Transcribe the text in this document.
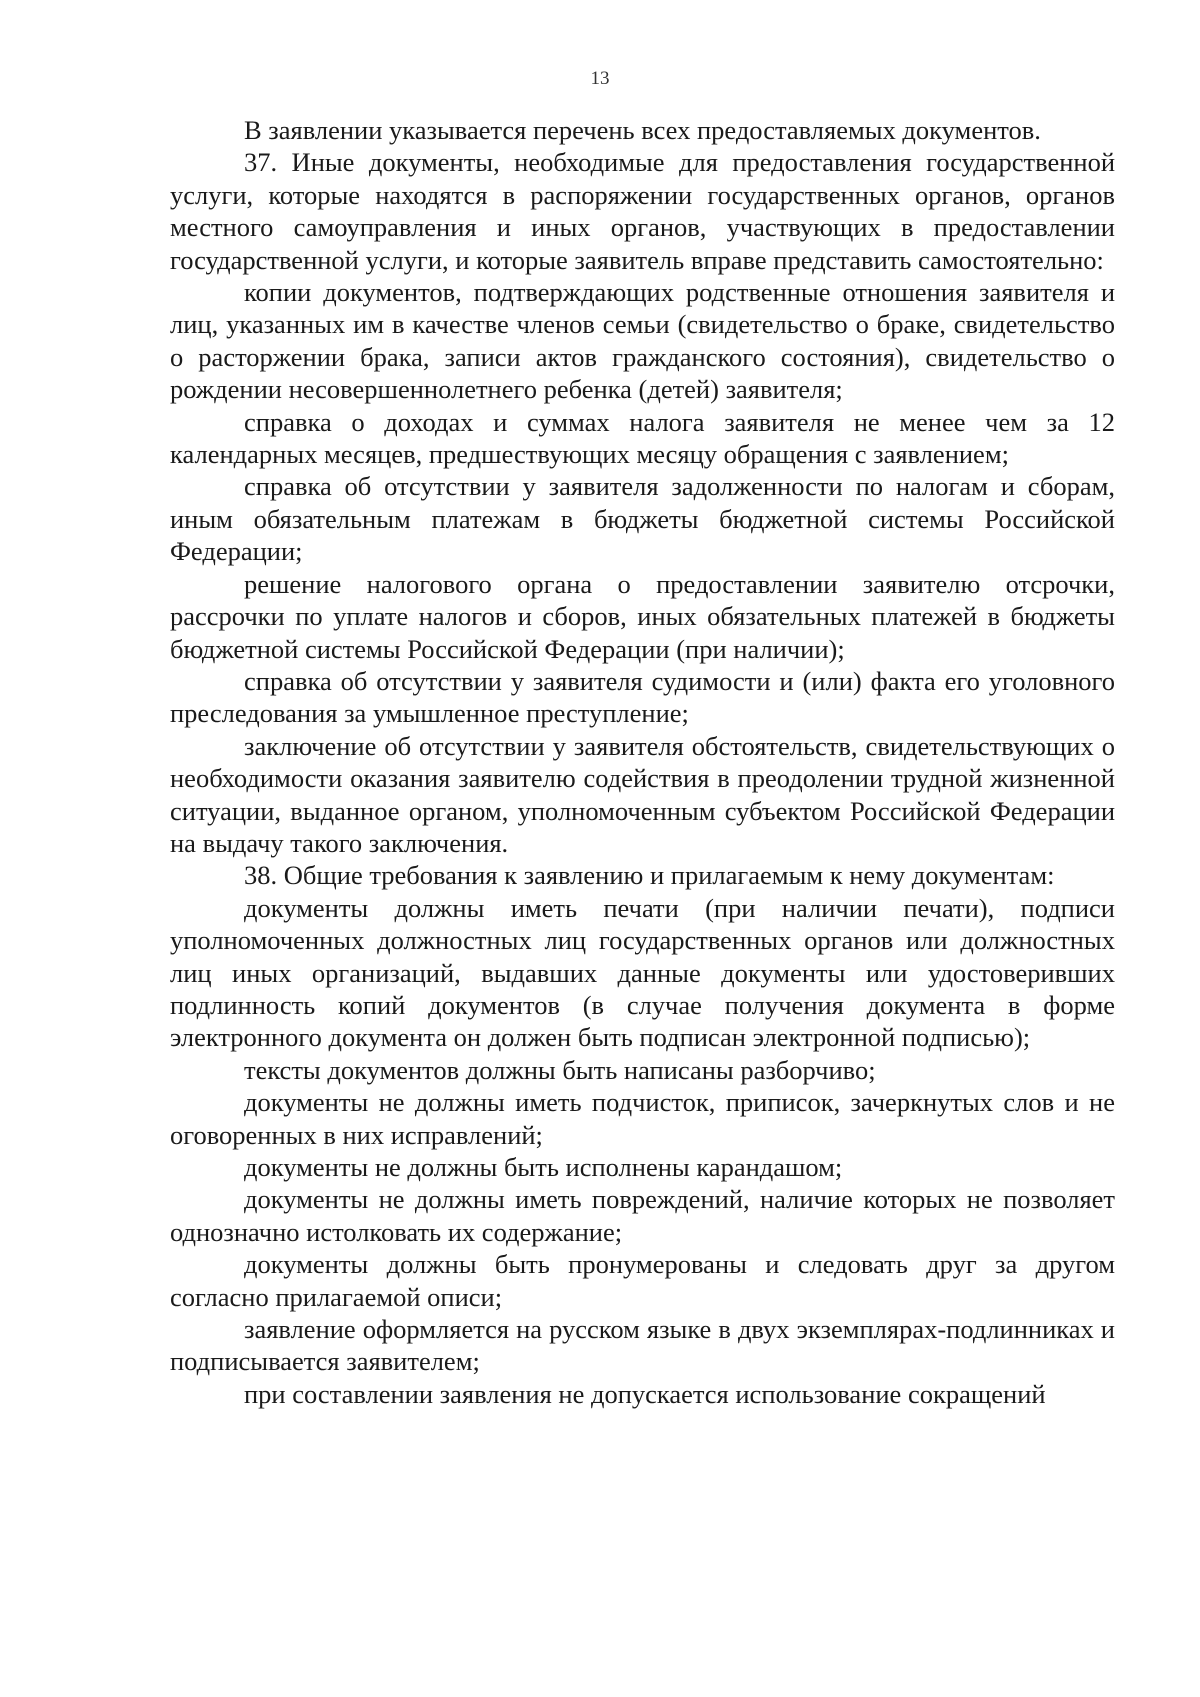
13

В заявлении указывается перечень всех предоставляемых документов.

37. Иные документы, необходимые для предоставления государственной услуги, которые находятся в распоряжении государственных органов, органов местного самоуправления и иных органов, участвующих в предоставлении государственной услуги, и которые заявитель вправе представить самостоятельно:

копии документов, подтверждающих родственные отношения заявителя и лиц, указанных им в качестве членов семьи (свидетельство о браке, свидетельство о расторжении брака, записи актов гражданского состояния), свидетельство о рождении несовершеннолетнего ребенка (детей) заявителя;

справка о доходах и суммах налога заявителя не менее чем за 12 календарных месяцев, предшествующих месяцу обращения с заявлением;

справка об отсутствии у заявителя задолженности по налогам и сборам, иным обязательным платежам в бюджеты бюджетной системы Российской Федерации;

решение налогового органа о предоставлении заявителю отсрочки, рассрочки по уплате налогов и сборов, иных обязательных платежей в бюджеты бюджетной системы Российской Федерации (при наличии);

справка об отсутствии у заявителя судимости и (или) факта его уголовного преследования за умышленное преступление;

заключение об отсутствии у заявителя обстоятельств, свидетельствующих о необходимости оказания заявителю содействия в преодолении трудной жизненной ситуации, выданное органом, уполномоченным субъектом Российской Федерации на выдачу такого заключения.

38. Общие требования к заявлению и прилагаемым к нему документам:

документы должны иметь печати (при наличии печати), подписи уполномоченных должностных лиц государственных органов или должностных лиц иных организаций, выдавших данные документы или удостоверивших подлинность копий документов (в случае получения документа в форме электронного документа он должен быть подписан электронной подписью);

тексты документов должны быть написаны разборчиво;

документы не должны иметь подчисток, приписок, зачеркнутых слов и не оговоренных в них исправлений;

документы не должны быть исполнены карандашом;

документы не должны иметь повреждений, наличие которых не позволяет однозначно истолковать их содержание;

документы должны быть пронумерованы и следовать друг за другом согласно прилагаемой описи;

заявление оформляется на русском языке в двух экземплярах-подлинниках и подписывается заявителем;

при составлении заявления не допускается использование сокращений
